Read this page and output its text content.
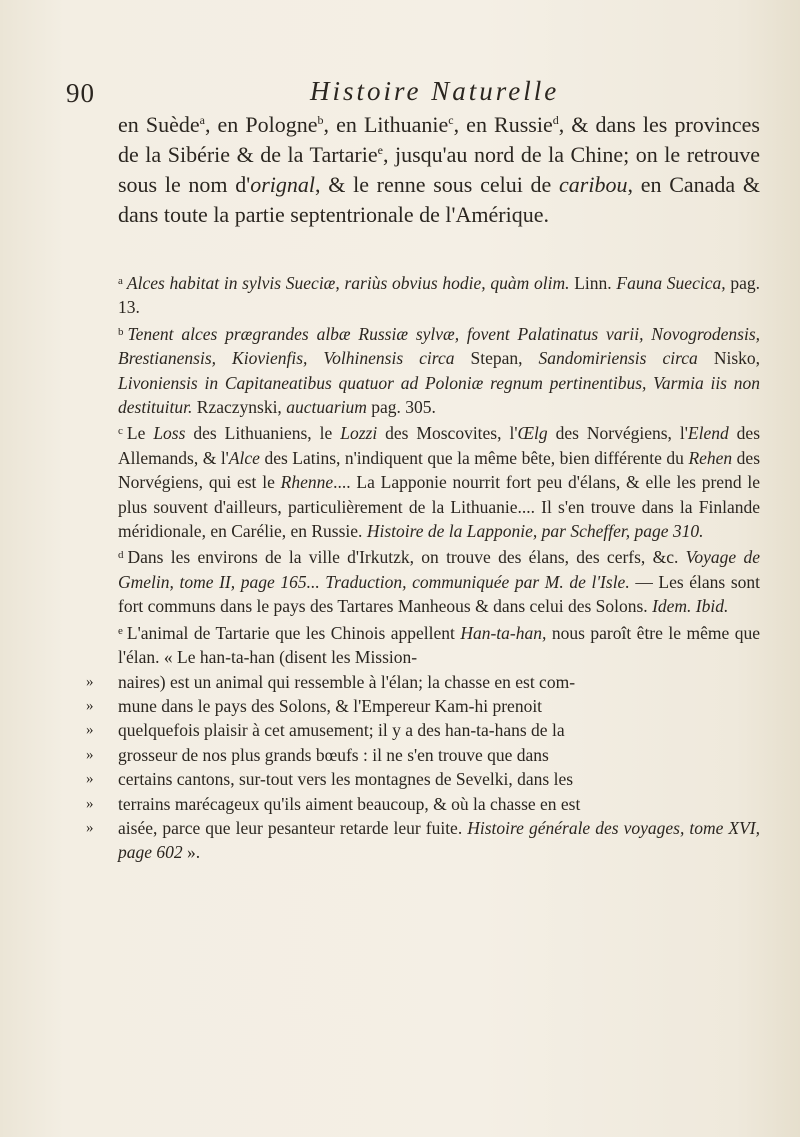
90	Histoire Naturelle

en Suède$^a$, en Pologne$^b$, en Lithuanie$^c$, en Russie$^d$, & dans les provinces de la Sibérie & de la Tartarie$^e$, jusqu'au nord de la Chine; on le retrouve sous le nom d'orignal, & le renne sous celui de caribou, en Canada & dans toute la partie septentrionale de l'Amérique.

$^a$ Alces habitat in sylvis Sueciæ, rariùs obvius hodie, quàm olim. Linn. Fauna Suecica, pag. 13.

$^b$ Tenent alces prægrandes albæ Russiæ sylvæ, fovent Palatinatus varii, Novogrodensis, Brestianensis, Kiovienfis, Volhinensis circa Stepan, Sandomiriensis circa Nisko, Livoniensis in Capitaneatibus quatuor ad Poloniæ regnum pertinentibus, Varmia iis non destituitur. Rzaczynski, auctuarium pag. 305.

$^c$ Le Loss des Lithuaniens, le Lozzi des Moscovites, l'Œlg des Norvégiens, l'Elend des Allemands, & l'Alce des Latins, n'indiquent que la même bête, bien différente du Rehen des Norvégiens, qui est le Rhenne.... La Lapponie nourrit fort peu d'élans, & elle les prend le plus souvent d'ailleurs, particulièrement de la Lithuanie.... Il s'en trouve dans la Finlande méridionale, en Carélie, en Russie. Histoire de la Lapponie, par Scheffer, page 310.

$^d$ Dans les environs de la ville d'Irkutzk, on trouve des élans, des cerfs, &c. Voyage de Gmelin, tome II, page 165... Traduction, communiquée par M. de l'Isle. — Les élans sont fort communs dans le pays des Tartares Manheous & dans celui des Solons. Idem. Ibid.

$^e$ L'animal de Tartarie que les Chinois appellent Han-ta-han, nous paroît être le même que l'élan. « Le han-ta-han (disent les Mission-

» naires) est un animal qui ressemble à l'élan; la chasse en est com-
» mune dans le pays des Solons, & l'Empereur Kam-hi prenoit
» quelquefois plaisir à cet amusement; il y a des han-ta-hans de la
» grosseur de nos plus grands bœufs : il ne s'en trouve que dans
» certains cantons, sur-tout vers les montagnes de Sevelki, dans les
» terrains marécageux qu'ils aiment beaucoup, & où la chasse en est
» aisée, parce que leur pesanteur retarde leur fuite. Histoire générale des voyages, tome XVI, page 602 ».
